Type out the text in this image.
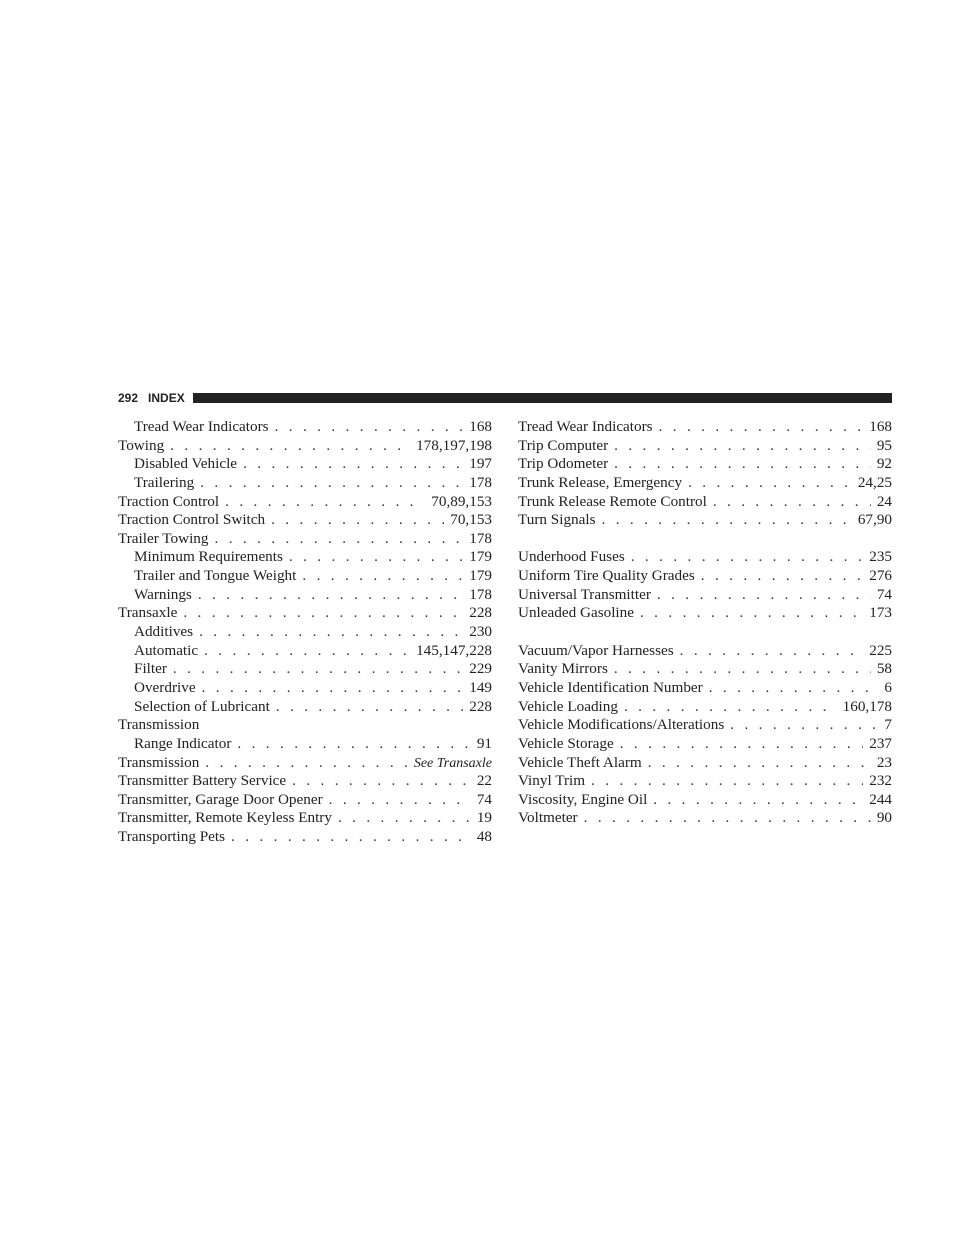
292 INDEX
Tread Wear Indicators . . .	168
Towing . . .	178,197,198
Disabled Vehicle . . .	197
Trailering . . .	178
Traction Control . . .	70,89,153
Traction Control Switch . . .	70,153
Trailer Towing . . .	178
Minimum Requirements . . .	179
Trailer and Tongue Weight . . .	179
Warnings . . .	178
Transaxle . . .	228
Additives . . .	230
Automatic . . .	145,147,228
Filter . . .	229
Overdrive . . .	149
Selection of Lubricant . . .	228
Transmission
Range Indicator . . .	91
Transmission . . .	See Transaxle
Transmitter Battery Service . . .	22
Transmitter, Garage Door Opener . . .	74
Transmitter, Remote Keyless Entry . . .	19
Transporting Pets . . .	48
Tread Wear Indicators . . .	168
Trip Computer . . .	95
Trip Odometer . . .	92
Trunk Release, Emergency . . .	24,25
Trunk Release Remote Control . . .	24
Turn Signals . . .	67,90
Underhood Fuses . . .	235
Uniform Tire Quality Grades . . .	276
Universal Transmitter . . .	74
Unleaded Gasoline . . .	173
Vacuum/Vapor Harnesses . . .	225
Vanity Mirrors . . .	58
Vehicle Identification Number . . .	6
Vehicle Loading . . .	160,178
Vehicle Modifications/Alterations . . .	7
Vehicle Storage . . .	237
Vehicle Theft Alarm . . .	23
Vinyl Trim . . .	232
Viscosity, Engine Oil . . .	244
Voltmeter . . .	90
